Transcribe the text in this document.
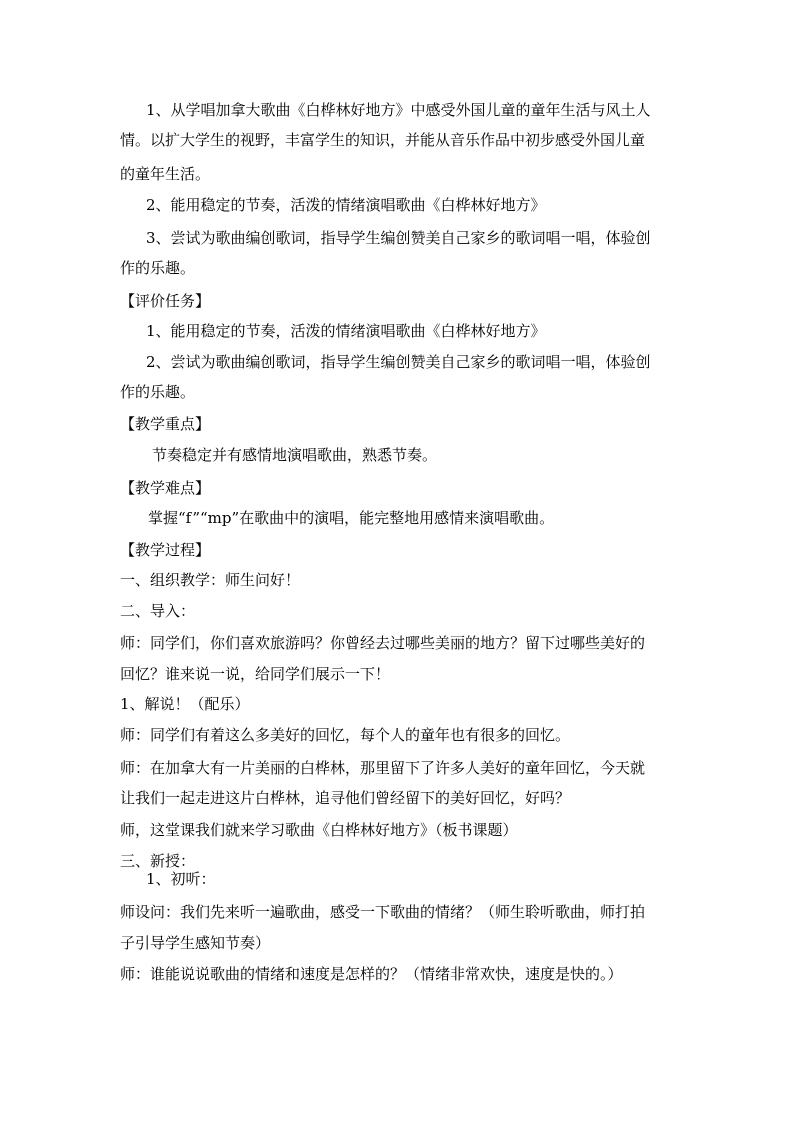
1、从学唱加拿大歌曲《白桦林好地方》中感受外国儿童的童年生活与风土人
情。以扩大学生的视野，丰富学生的知识，并能从音乐作品中初步感受外国儿童
的童年生活。
2、能用稳定的节奏，活泼的情绪演唱歌曲《白桦林好地方》
3、尝试为歌曲编创歌词，指导学生编创赞美自己家乡的歌词唱一唱，体验创
作的乐趣。
【评价任务】
1、能用稳定的节奏，活泼的情绪演唱歌曲《白桦林好地方》
2、尝试为歌曲编创歌词，指导学生编创赞美自己家乡的歌词唱一唱，体验创
作的乐趣。
【教学重点】
节奏稳定并有感情地演唱歌曲，熟悉节奏。
【教学难点】
掌握“f”“mp”在歌曲中的演唱，能完整地用感情来演唱歌曲。
【教学过程】
一、组织教学：师生问好！
二、导入：
师：同学们，你们喜欢旅游吗？你曾经去过哪些美丽的地方？留下过哪些美好的
回忆？谁来说一说，给同学们展示一下！
1、解说！（配乐）
师：同学们有着这么多美好的回忆，每个人的童年也有很多的回忆。
师：在加拿大有一片美丽的白桦林，那里留下了许多人美好的童年回忆，今天就
让我们一起走进这片白桦林，追寻他们曾经留下的美好回忆，好吗？
师，这堂课我们就来学习歌曲《白桦林好地方》（板书课题）
三、新授：
1、初听：
师设问：我们先来听一遍歌曲，感受一下歌曲的情绪？（师生聆听歌曲，师打拍
子引导学生感知节奏）
师：谁能说说歌曲的情绪和速度是怎样的？（情绪非常欢快，速度是快的。）
